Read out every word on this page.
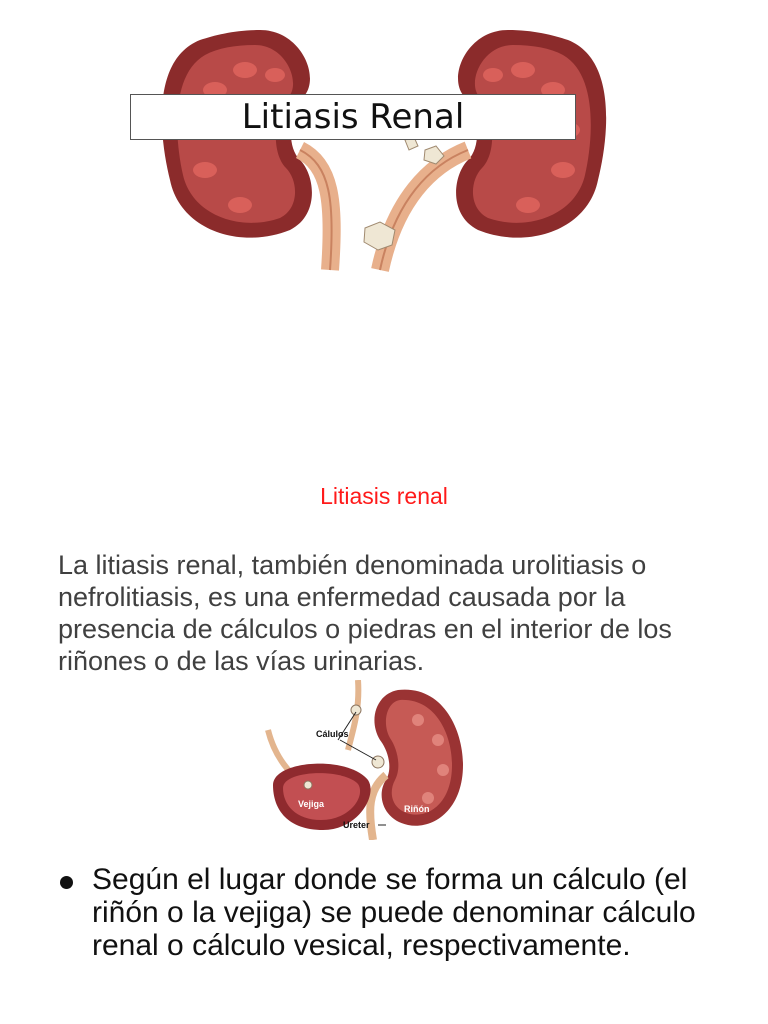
Litiasis Renal
Litiasis renal
La litiasis renal, también denominada urolitiasis o nefrolitiasis, es una enfermedad causada por la presencia de cálculos o piedras en el interior de los riñones o de las vías urinarias.
Cálulos
Vejiga	Riñón
Ureter
Según el lugar donde se forma un cálculo (el riñón o la vejiga) se puede denominar cálculo renal o cálculo vesical, respectivamente.
